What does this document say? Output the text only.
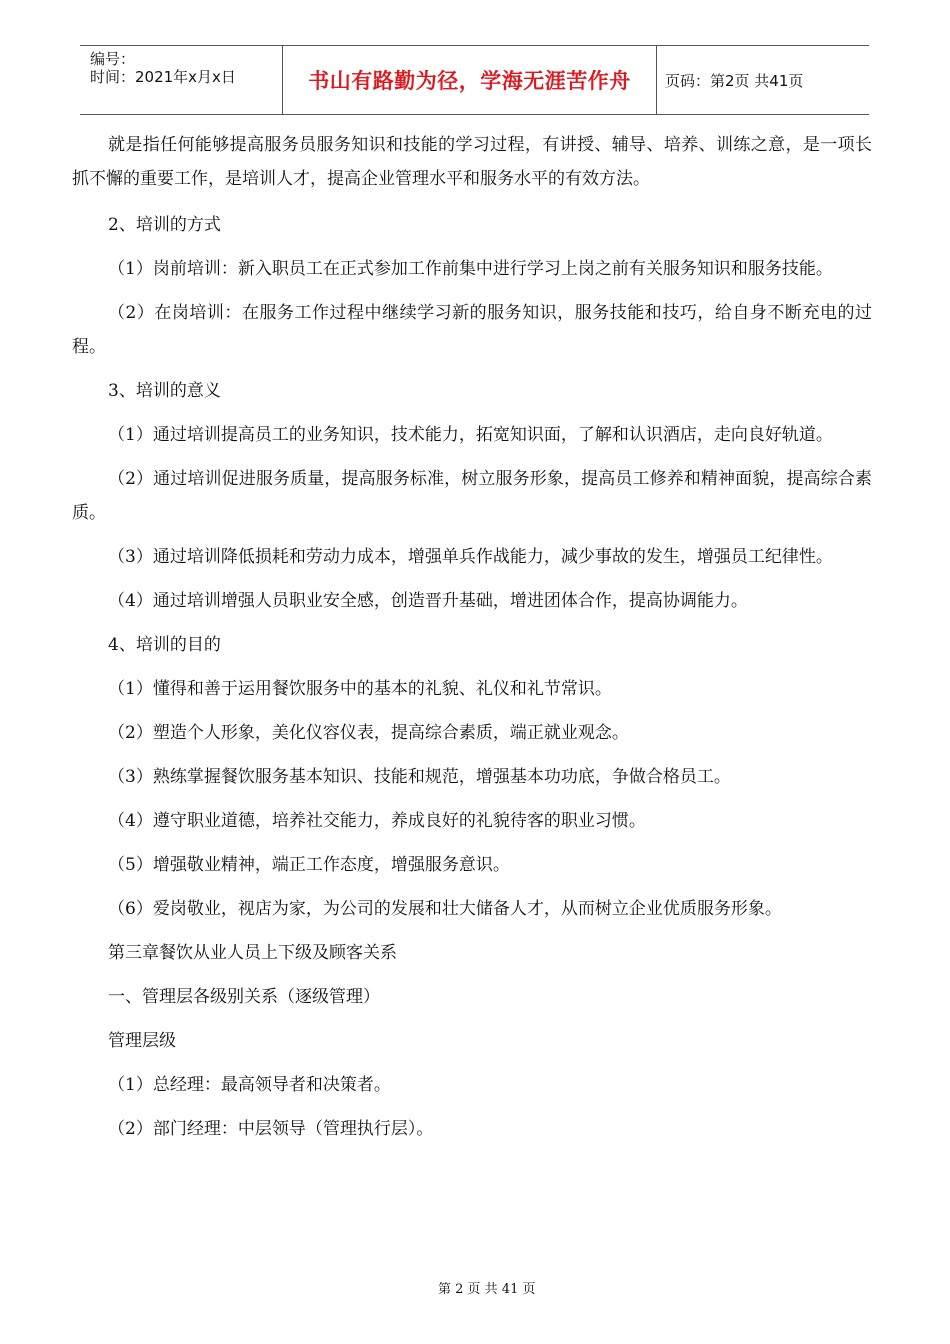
编号：
时间：2021年x月x日	书山有路勤为径，学海无涯苦作舟	页码：第2页 共41页

就是指任何能够提高服务员服务知识和技能的学习过程，有讲授、辅导、培养、训练之意，是一项长抓不懈的重要工作，是培训人才，提高企业管理水平和服务水平的有效方法。

2、培训的方式

（1）岗前培训：新入职员工在正式参加工作前集中进行学习上岗之前有关服务知识和服务技能。

（2）在岗培训：在服务工作过程中继续学习新的服务知识，服务技能和技巧，给自身不断充电的过程。

3、培训的意义

（1）通过培训提高员工的业务知识，技术能力，拓宽知识面，了解和认识酒店，走向良好轨道。

（2）通过培训促进服务质量，提高服务标准，树立服务形象，提高员工修养和精神面貌，提高综合素质。

（3）通过培训降低损耗和劳动力成本，增强单兵作战能力，减少事故的发生，增强员工纪律性。

（4）通过培训增强人员职业安全感，创造晋升基础，增进团体合作，提高协调能力。

4、培训的目的

（1）懂得和善于运用餐饮服务中的基本的礼貌、礼仪和礼节常识。

（2）塑造个人形象，美化仪容仪表，提高综合素质，端正就业观念。

（3）熟练掌握餐饮服务基本知识、技能和规范，增强基本功功底，争做合格员工。

（4）遵守职业道德，培养社交能力，养成良好的礼貌待客的职业习惯。

（5）增强敬业精神，端正工作态度，增强服务意识。

（6）爱岗敬业，视店为家，为公司的发展和壮大储备人才，从而树立企业优质服务形象。

第三章餐饮从业人员上下级及顾客关系

一、管理层各级别关系（逐级管理）

管理层级

（1）总经理：最高领导者和决策者。

（2）部门经理：中层领导（管理执行层）。

第 2 页 共 41 页
